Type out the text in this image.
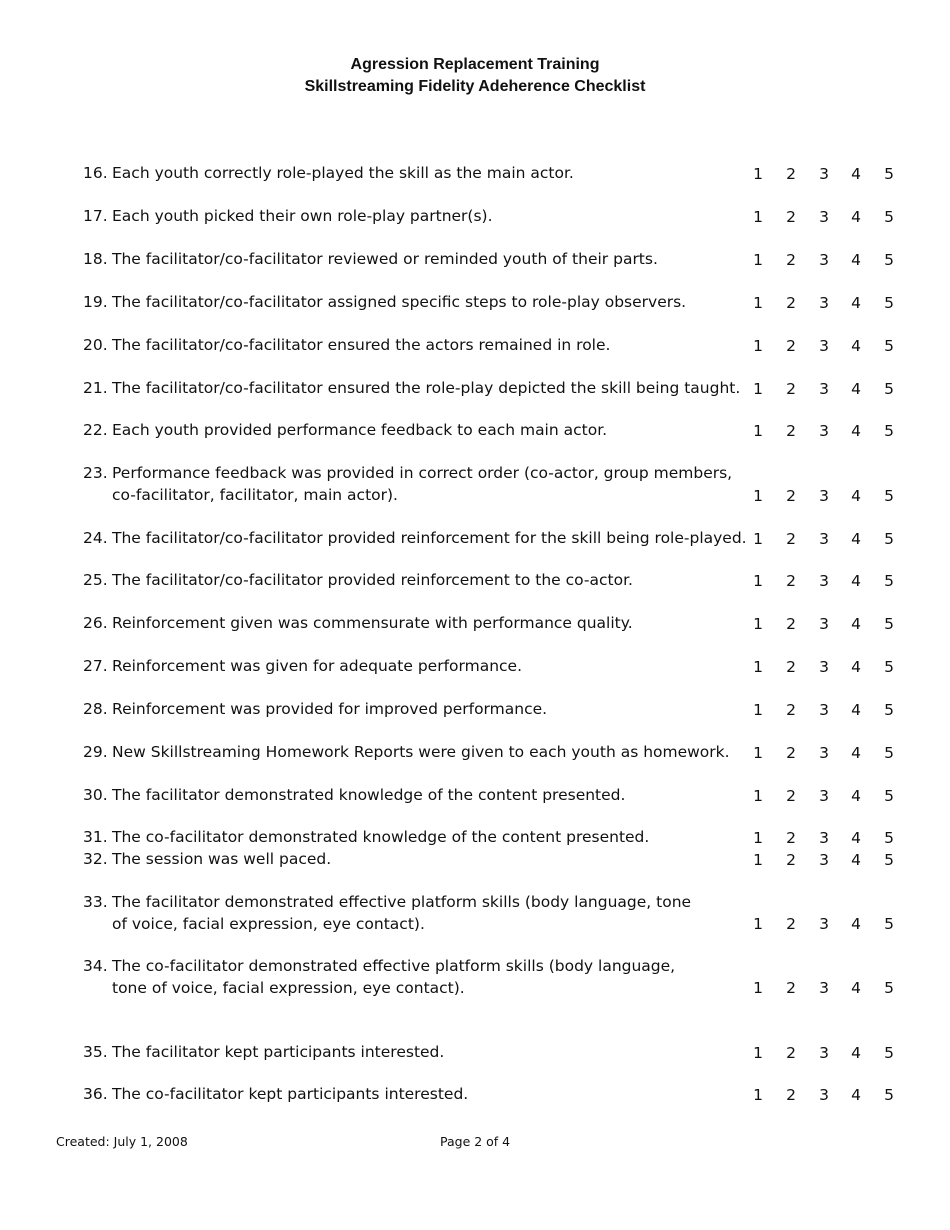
Agression Replacement Training
Skillstreaming Fidelity Adeherence Checklist
16. Each youth correctly role-played the skill as the main actor.	1	2	3	4	5
17. Each youth picked their own role-play partner(s).	1	2	3	4	5
18. The facilitator/co-facilitator reviewed or reminded youth of their parts.	1	2	3	4	5
19. The facilitator/co-facilitator assigned specific steps to role-play observers.	1	2	3	4	5
20. The facilitator/co-facilitator ensured the actors remained in role.	1	2	3	4	5
21. The facilitator/co-facilitator ensured the role-play depicted the skill being taught. 1	2	3	4	5
22. Each youth provided performance feedback to each main actor.	1	2	3	4	5
23. Performance feedback was provided in correct order (co-actor, group members,
co-facilitator, facilitator, main actor).	1	2	3	4	5
24. The facilitator/co-facilitator provided reinforcement for the skill being role-played. 1	2	3	4	5
25. The facilitator/co-facilitator provided reinforcement to the co-actor.	1	2	3	4	5
26. Reinforcement given was commensurate with performance quality.	1	2	3	4	5
27. Reinforcement was given for adequate performance.	1	2	3	4	5
28. Reinforcement was provided for improved performance.	1	2	3	4	5
29. New Skillstreaming Homework Reports were given to each youth as homework.	1	2	3	4	5
30. The facilitator demonstrated knowledge of the content presented.	1	2	3	4	5
31. The co-facilitator demonstrated knowledge of the content presented.	1	2	3	4	5
32. The session was well paced.	1	2	3	4	5
33. The facilitator demonstrated effective platform skills (body language, tone
of voice, facial expression, eye contact).	1	2	3	4	5
34. The co-facilitator demonstrated effective platform skills (body language,
tone of voice, facial expression, eye contact).	1	2	3	4	5
35. The facilitator kept participants interested.	1	2	3	4	5
36. The co-facilitator kept participants interested.	1	2	3	4	5
Created: July 1, 2008	Page 2 of 4
